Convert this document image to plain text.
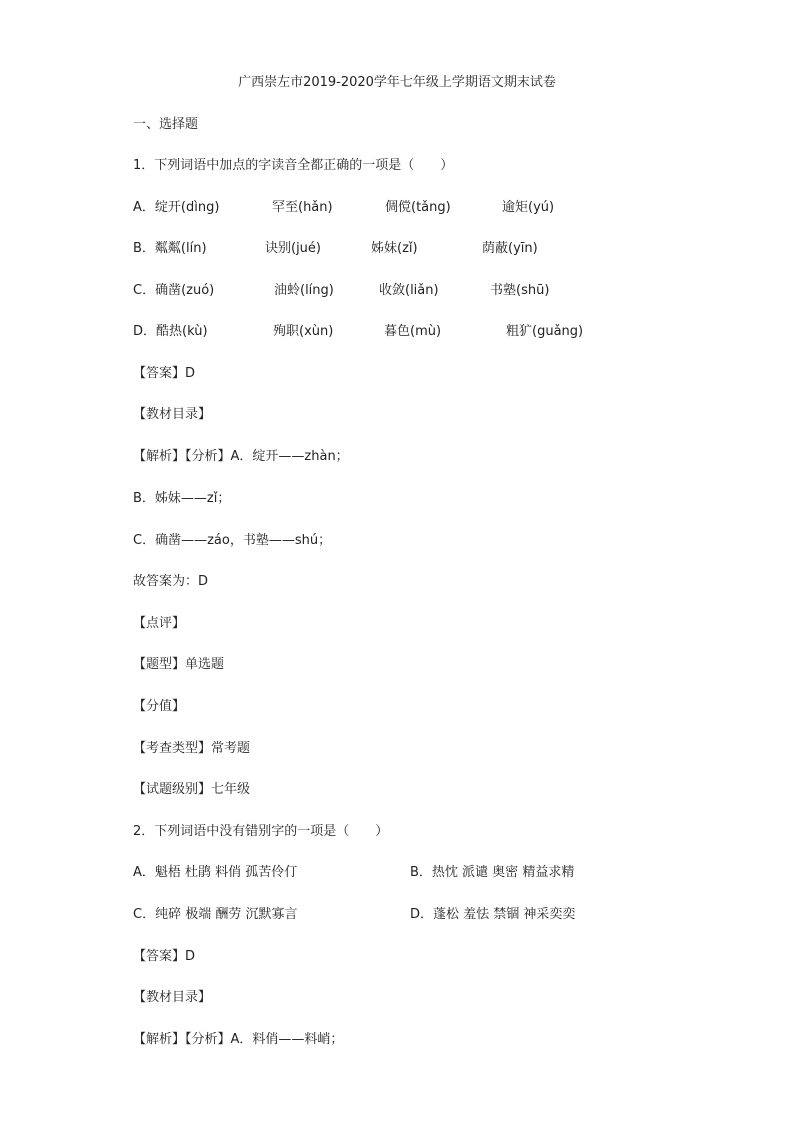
广西崇左市2019-2020学年七年级上学期语文期末试卷
一、选择题
1．下列词语中加点的字读音全都正确的一项是（　　）
A．绽开(dìng)	罕至(hǎn)	倜傥(tǎng)	逾矩(yú)
B．粼粼(lín)	诀别(jué)	姊妹(zǐ)	荫蔽(yīn)
C．确凿(zuó)	油蛉(líng)	收敛(liǎn)	书塾(shū)
D．酷热(kù)	殉职(xùn)	暮色(mù)	粗犷(guǎng)
【答案】D
【教材目录】
【解析】【分析】A．绽开——zhàn；
B．姊妹——zǐ；
C．确凿——záo，书塾——shú；
故答案为：D
【点评】
【题型】单选题
【分值】
【考查类型】常考题
【试题级别】七年级
2．下列词语中没有错别字的一项是（　　）
A．魁梧 杜鹃 料俏 孤苦伶仃	B．热忱 派谴 奥密 精益求精
C．纯碎 极端 酬劳 沉默寡言	D．蓬松 羞怯 禁锢 神采奕奕
【答案】D
【教材目录】
【解析】【分析】A．料俏——料峭；
